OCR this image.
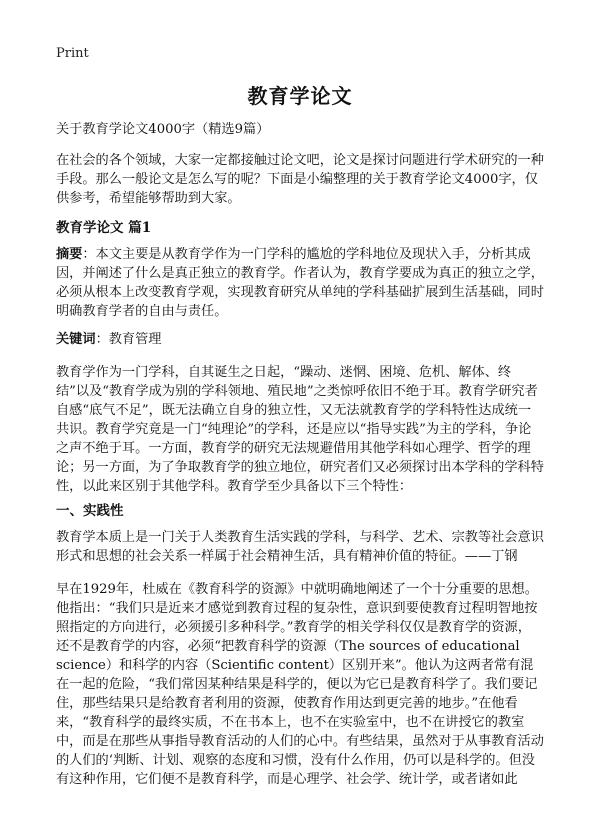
Print
教育学论文
关于教育学论文4000字（精选9篇）
在社会的各个领域，大家一定都接触过论文吧，论文是探讨问题进行学术研究的一种手段。那么一般论文是怎么写的呢？下面是小编整理的关于教育学论文4000字，仅供参考，希望能够帮助到大家。
教育学论文 篇1
摘要：本文主要是从教育学作为一门学科的尴尬的学科地位及现状入手，分析其成因，并阐述了什么是真正独立的教育学。作者认为，教育学要成为真正的独立之学，必须从根本上改变教育学观，实现教育研究从单纯的学科基础扩展到生活基础，同时明确教育学者的自由与责任。
关键词：教育管理
教育学作为一门学科，自其诞生之日起，“躁动、迷惘、困境、危机、解体、终结”以及“教育学成为别的学科领地、殖民地”之类惊呼依旧不绝于耳。教育学研究者自感“底气不足”，既无法确立自身的独立性，又无法就教育学的学科特性达成统一共识。教育学究竟是一门“纯理论”的学科，还是应以“指导实践”为主的学科，争论之声不绝于耳。一方面，教育学的研究无法规避借用其他学科如心理学、哲学的理论；另一方面，为了争取教育学的独立地位，研究者们又必须探讨出本学科的学科特性，以此来区别于其他学科。教育学至少具备以下三个特性：
一、实践性
教育学本质上是一门关于人类教育生活实践的学科，与科学、艺术、宗教等社会意识形式和思想的社会关系一样属于社会精神生活，具有精神价值的特征。——丁钢
早在1929年，杜威在《教育科学的资源》中就明确地阐述了一个十分重要的思想。他指出：“我们只是近来才感觉到教育过程的复杂性，意识到要使教育过程明智地按照指定的方向进行，必须援引多种科学。”教育学的相关学科仅仅是教育学的资源，还不是教育学的内容，必须“把教育科学的资源（The sources of educational science）和科学的内容（Scientific content）区别开来”。他认为这两者常有混在一起的危险，“我们常因某种结果是科学的，便以为它已是教育科学了。我们要记住，那些结果只是给教育者利用的资源，使教育作用达到更完善的地步。”在他看来，“教育科学的最终实质，不在书本上，也不在实验室中，也不在讲授它的教室中，而是在那些从事指导教育活动的人们的心中。有些结果，虽然对于从事教育活动的人们的‘判断、计划、观察的态度和习惯，没有什么作用，仍可以是科学的。但没有这种作用，它们便不是教育科学，而是心理学、社会学、统计学，或者诸如此
